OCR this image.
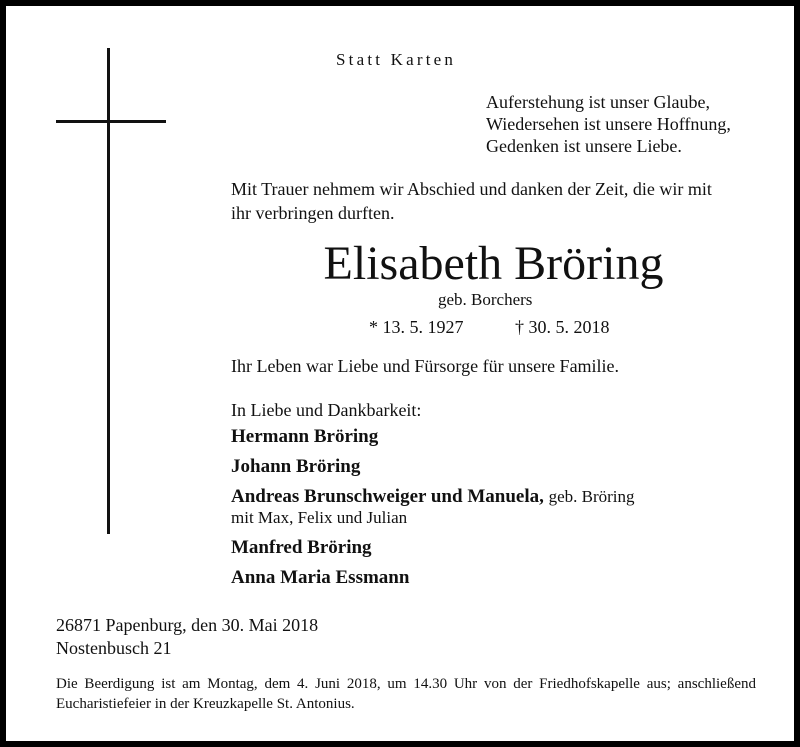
Statt Karten
Auferstehung ist unser Glaube,
Wiedersehen ist unsere Hoffnung,
Gedenken ist unsere Liebe.
Mit Trauer nehmem wir Abschied und danken der Zeit, die wir mit
ihr verbringen durften.
Elisabeth Bröring
geb. Borchers
* 13. 5. 1927	† 30. 5. 2018
Ihr Leben war Liebe und Fürsorge für unsere Familie.
In Liebe und Dankbarkeit:
Hermann Bröring
Johann Bröring
Andreas Brunschweiger und Manuela, geb. Bröring
mit Max, Felix und Julian
Manfred Bröring
Anna Maria Essmann
26871 Papenburg, den 30. Mai 2018
Nostenbusch 21
Die Beerdigung ist am Montag, dem 4. Juni 2018, um 14.30 Uhr von der Friedhofskapelle aus; anschließend Eucharistiefeier in der Kreuzkapelle St. Antonius.
